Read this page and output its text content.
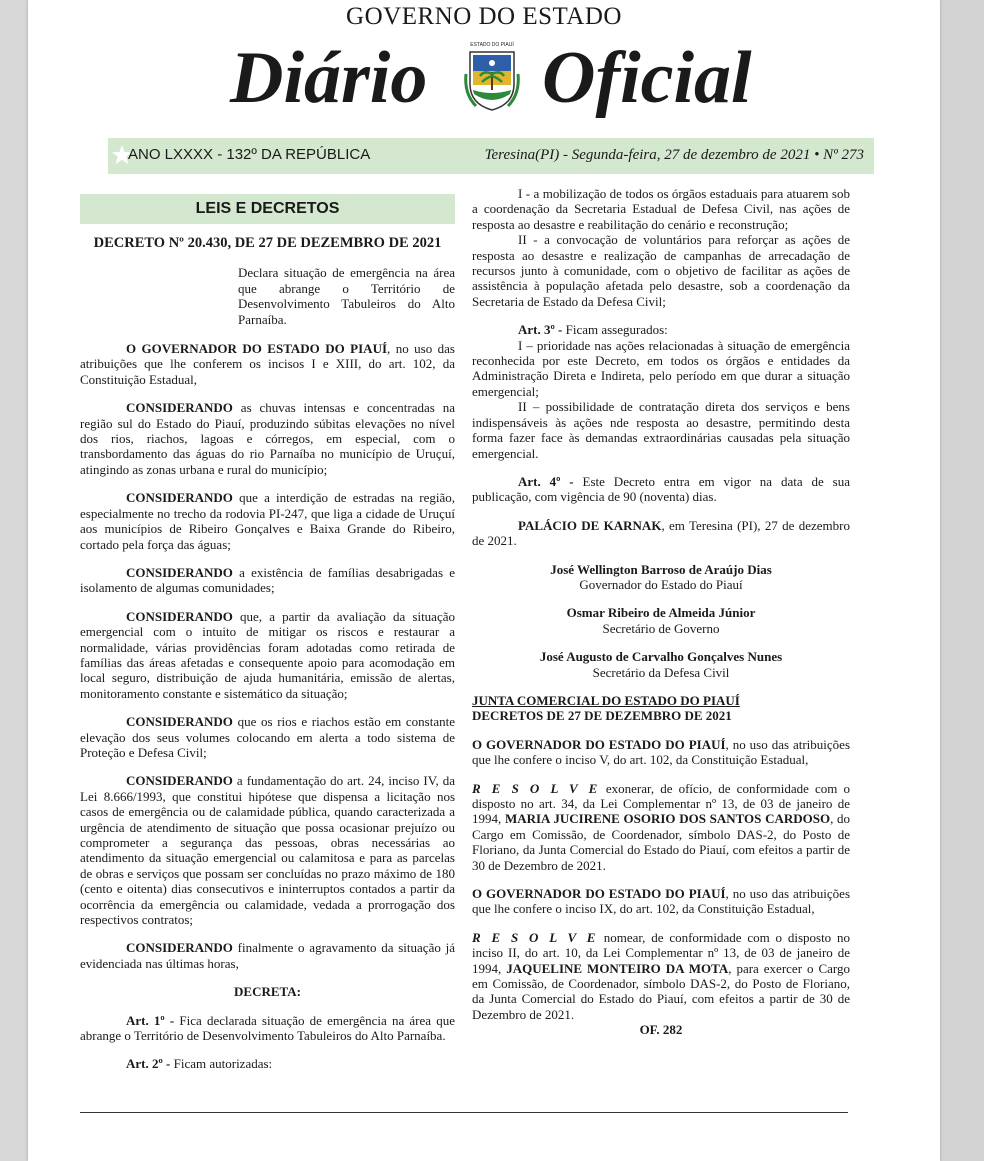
GOVERNO DO ESTADO
Diário	ESTADO DO PIAUÍ Oficial
ANO LXXXX - 132º DA REPÚBLICA	Teresina(PI) - Segunda-feira, 27 de dezembro de 2021 • Nº 273
LEIS E DECRETOS
DECRETO Nº 20.430, DE 27 DE DEZEMBRO DE 2021

Declara situação de emergência na área que abrange o Território de Desenvolvimento Tabuleiros do Alto Parnaíba.

O GOVERNADOR DO ESTADO DO PIAUÍ, no uso das atribuições que lhe conferem os incisos I e XIII, do art. 102, da Constituição Estadual,

CONSIDERANDO as chuvas intensas e concentradas na região sul do Estado do Piauí, produzindo súbitas elevações no nível dos rios, riachos, lagoas e córregos, em especial, com o transbordamento das águas do rio Parnaíba no município de Uruçuí, atingindo as zonas urbana e rural do município;

CONSIDERANDO que a interdição de estradas na região, especialmente no trecho da rodovia PI-247, que liga a cidade de Uruçuí aos municípios de Ribeiro Gonçalves e Baixa Grande do Ribeiro, cortado pela força das águas;

CONSIDERANDO a existência de famílias desabrigadas e isolamento de algumas comunidades;

CONSIDERANDO que, a partir da avaliação da situação emergencial com o intuito de mitigar os riscos e restaurar a normalidade, várias providências foram adotadas como retirada de famílias das áreas afetadas e consequente apoio para acomodação em local seguro, distribuição de ajuda humanitária, emissão de alertas, monitoramento constante e sistemático da situação;

CONSIDERANDO que os rios e riachos estão em constante elevação dos seus volumes colocando em alerta a todo sistema de Proteção e Defesa Civil;

CONSIDERANDO a fundamentação do art. 24, inciso IV, da Lei 8.666/1993, que constitui hipótese que dispensa a licitação nos casos de emergência ou de calamidade pública, quando caracterizada a urgência de atendimento de situação que possa ocasionar prejuízo ou comprometer a segurança das pessoas, obras necessárias ao atendimento da situação emergencial ou calamitosa e para as parcelas de obras e serviços que possam ser concluídas no prazo máximo de 180 (cento e oitenta) dias consecutivos e ininterruptos contados a partir da ocorrência da emergência ou calamidade, vedada a prorrogação dos respectivos contratos;

CONSIDERANDO finalmente o agravamento da situação já evidenciada nas últimas horas,

DECRETA:

Art. 1º - Fica declarada situação de emergência na área que abrange o Território de Desenvolvimento Tabuleiros do Alto Parnaíba.

Art. 2º - Ficam autorizadas:

I - a mobilização de todos os órgãos estaduais para atuarem sob a coordenação da Secretaria Estadual de Defesa Civil, nas ações de resposta ao desastre e reabilitação do cenário e reconstrução;

II - a convocação de voluntários para reforçar as ações de resposta ao desastre e realização de campanhas de arrecadação de recursos junto à comunidade, com o objetivo de facilitar as ações de assistência à população afetada pelo desastre, sob a coordenação da Secretaria de Estado da Defesa Civil;

Art. 3º - Ficam assegurados:

I – prioridade nas ações relacionadas à situação de emergência reconhecida por este Decreto, em todos os órgãos e entidades da Administração Direta e Indireta, pelo período em que durar a situação emergencial;

II – possibilidade de contratação direta dos serviços e bens indispensáveis às ações nde resposta ao desastre, permitindo desta forma fazer face às demandas extraordinárias causadas pela situação emergencial.

Art. 4º - Este Decreto entra em vigor na data de sua publicação, com vigência de 90 (noventa) dias.

PALÁCIO DE KARNAK, em Teresina (PI), 27 de dezembro de 2021.

José Wellington Barroso de Araújo Dias

Governador do Estado do Piauí

Osmar Ribeiro de Almeida Júnior

Secretário de Governo

José Augusto de Carvalho Gonçalves Nunes

Secretário da Defesa Civil

JUNTA COMERCIAL DO ESTADO DO PIAUÍ

DECRETOS DE 27 DE DEZEMBRO DE 2021

O GOVERNADOR DO ESTADO DO PIAUÍ, no uso das atribuições que lhe confere o inciso V, do art. 102, da Constituição Estadual,

R E S O L V E exonerar, de ofício, de conformidade com o disposto no art. 34, da Lei Complementar nº 13, de 03 de janeiro de 1994, MARIA JUCIRENE OSORIO DOS SANTOS CARDOSO, do Cargo em Comissão, de Coordenador, símbolo DAS-2, do Posto de Floriano, da Junta Comercial do Estado do Piauí, com efeitos a partir de 30 de Dezembro de 2021.

O GOVERNADOR DO ESTADO DO PIAUÍ, no uso das atribuições que lhe confere o inciso IX, do art. 102, da Constituição Estadual,

R E S O L V E nomear, de conformidade com o disposto no inciso II, do art. 10, da Lei Complementar nº 13, de 03 de janeiro de 1994, JAQUELINE MONTEIRO DA MOTA, para exercer o Cargo em Comissão, de Coordenador, símbolo DAS-2, do Posto de Floriano, da Junta Comercial do Estado do Piauí, com efeitos a partir de 30 de Dezembro de 2021.

OF. 282
